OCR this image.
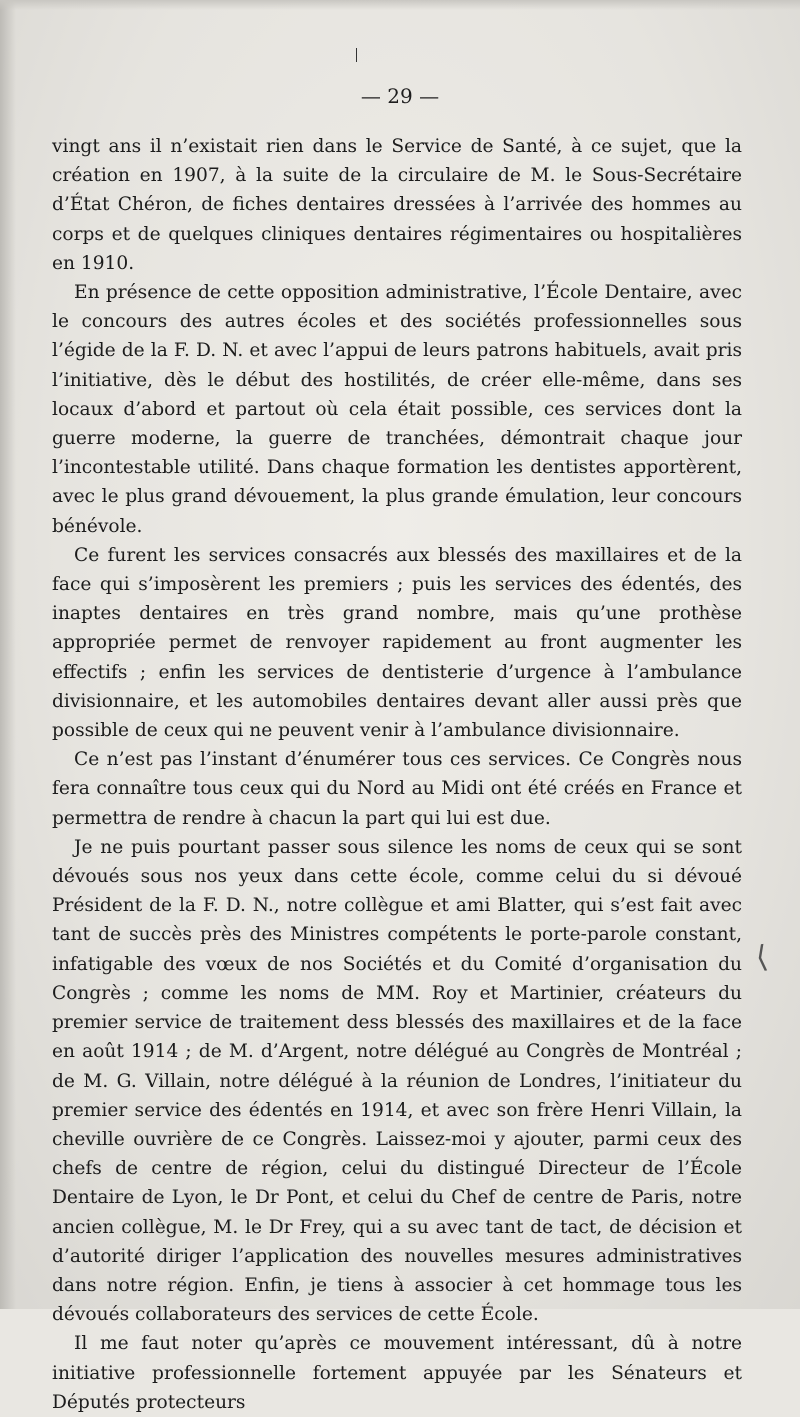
— 29 —

vingt ans il n’existait rien dans le Service de Santé, à ce sujet, que la création en 1907, à la suite de la circulaire de M. le Sous-Secrétaire d’État Chéron, de fiches dentaires dressées à l’arrivée des hommes au corps et de quelques cliniques dentaires régimentaires ou hospitalières en 1910.

En présence de cette opposition administrative, l’École Dentaire, avec le concours des autres écoles et des sociétés professionnelles sous l’égide de la F. D. N. et avec l’appui de leurs patrons habituels, avait pris l’initiative, dès le début des hostilités, de créer elle-même, dans ses locaux d’abord et partout où cela était possible, ces services dont la guerre moderne, la guerre de tranchées, démontrait chaque jour l’incontestable utilité. Dans chaque formation les dentistes apportèrent, avec le plus grand dévouement, la plus grande émulation, leur concours bénévole.

Ce furent les services consacrés aux blessés des maxillaires et de la face qui s’imposèrent les premiers ; puis les services des édentés, des inaptes dentaires en très grand nombre, mais qu’une prothèse appropriée permet de renvoyer rapidement au front augmenter les effectifs ; enfin les services de dentisterie d’urgence à l’ambulance divisionnaire, et les automobiles dentaires devant aller aussi près que possible de ceux qui ne peuvent venir à l’ambulance divisionnaire.

Ce n’est pas l’instant d’énumérer tous ces services. Ce Congrès nous fera connaître tous ceux qui du Nord au Midi ont été créés en France et permettra de rendre à chacun la part qui lui est due.

Je ne puis pourtant passer sous silence les noms de ceux qui se sont dévoués sous nos yeux dans cette école, comme celui du si dévoué Président de la F. D. N., notre collègue et ami Blatter, qui s’est fait avec tant de succès près des Ministres compétents le porte-parole constant, infatigable des vœux de nos Sociétés et du Comité d’organisation du Congrès ; comme les noms de MM. Roy et Martinier, créateurs du premier service de traitement dess blessés des maxillaires et de la face en août 1914 ; de M. d’Argent, notre délégué au Congrès de Montréal ; de M. G. Villain, notre délégué à la réunion de Londres, l’initiateur du premier service des édentés en 1914, et avec son frère Henri Villain, la cheville ouvrière de ce Congrès. Laissez-moi y ajouter, parmi ceux des chefs de centre de région, celui du distingué Directeur de l’École Dentaire de Lyon, le Dr Pont, et celui du Chef de centre de Paris, notre ancien collègue, M. le Dr Frey, qui a su avec tant de tact, de décision et d’autorité diriger l’application des nouvelles mesures administratives dans notre région. Enfin, je tiens à associer à cet hommage tous les dévoués collaborateurs des services de cette École.

Il me faut noter qu’après ce mouvement intéressant, dû à notre initiative professionnelle fortement appuyée par les Sénateurs et Députés protecteurs

⟨
